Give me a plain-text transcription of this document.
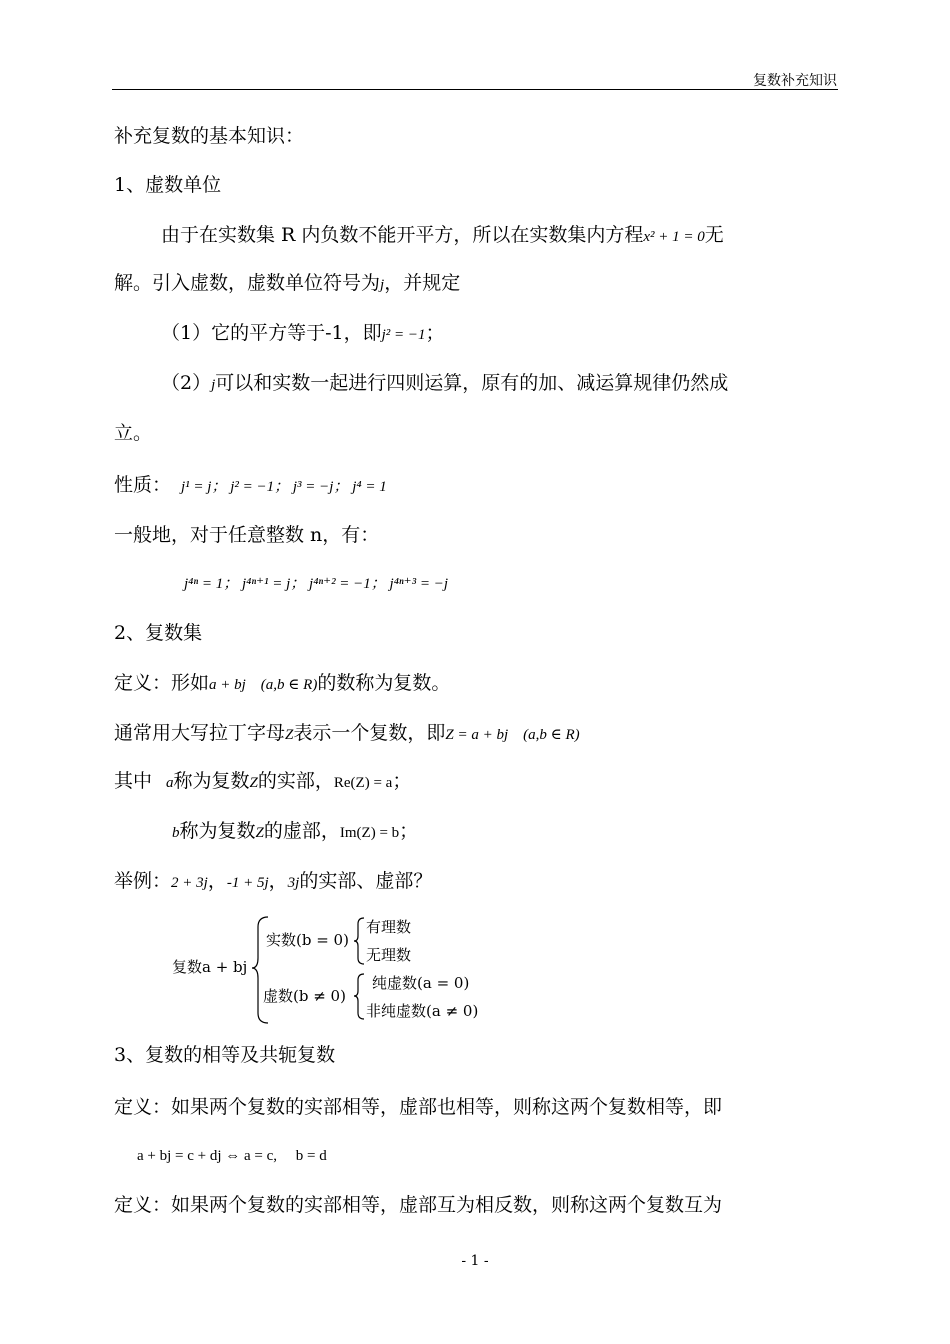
复数补充知识
补充复数的基本知识：
1、虚数单位
由于在实数集 R 内负数不能开平方，所以在实数集内方程x² + 1 = 0无
解。引入虚数，虚数单位符号为j，并规定
（1）它的平方等于-1，即j² = −1；
（2）j可以和实数一起进行四则运算，原有的加、减运算规律仍然成
立。
性质： j¹ = j； j² = −1； j³ = −j； j⁴ = 1
一般地，对于任意整数 n，有：
j⁴ⁿ = 1； j⁴ⁿ⁺¹ = j； j⁴ⁿ⁺² = −1； j⁴ⁿ⁺³ = −j
2、复数集
定义：形如a + bj    (a,b ∈ R)的数称为复数。
通常用大写拉丁字母Z表示一个复数，即Z = a + bj    (a,b ∈ R)
其中 a称为复数Z的实部，Re(Z) = a；
b称为复数Z的虚部，Im(Z) = b；
举例：2 + 3j，-1 + 5j，3j的实部、虚部？
复数a + bj
实数(b = 0)
有理数
无理数
虚数(b ≠ 0)
纯虚数(a = 0)
非纯虚数(a ≠ 0)
3、复数的相等及共轭复数
定义：如果两个复数的实部相等，虚部也相等，则称这两个复数相等，即
a + bj = c + dj ⇔ a = c,     b = d
定义：如果两个复数的实部相等，虚部互为相反数，则称这两个复数互为
- 1 -
